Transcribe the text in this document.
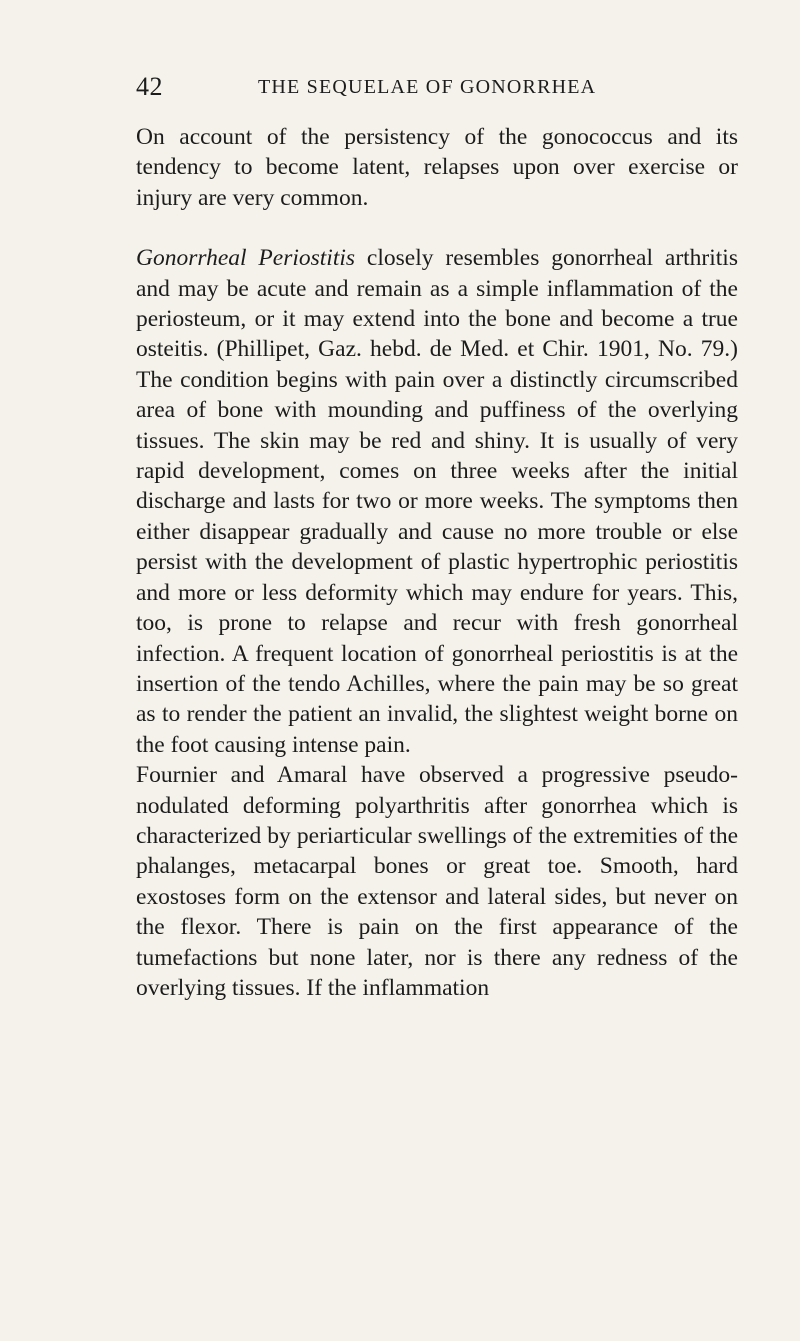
42	THE SEQUELAE OF GONORRHEA

On account of the persistency of the gonococcus and its tendency to become latent, relapses upon over exercise or injury are very common.

Gonorrheal Periostitis closely resembles gonorrheal arthritis and may be acute and remain as a simple inflammation of the periosteum, or it may extend into the bone and become a true osteitis. (Phillipet, Gaz. hebd. de Med. et Chir. 1901, No. 79.) The condition begins with pain over a distinctly circumscribed area of bone with mounding and puffiness of the overlying tissues. The skin may be red and shiny. It is usually of very rapid development, comes on three weeks after the initial discharge and lasts for two or more weeks. The symptoms then either disappear gradually and cause no more trouble or else persist with the development of plastic hypertrophic periostitis and more or less deformity which may endure for years. This, too, is prone to relapse and recur with fresh gonorrheal infection. A frequent location of gonorrheal periostitis is at the insertion of the tendo Achilles, where the pain may be so great as to render the patient an invalid, the slightest weight borne on the foot causing intense pain.

Fournier and Amaral have observed a progressive pseudo-nodulated deforming polyarthritis after gonorrhea which is characterized by periarticular swellings of the extremities of the phalanges, metacarpal bones or great toe. Smooth, hard exostoses form on the extensor and lateral sides, but never on the flexor. There is pain on the first appearance of the tumefactions but none later, nor is there any redness of the overlying tissues. If the inflammation
